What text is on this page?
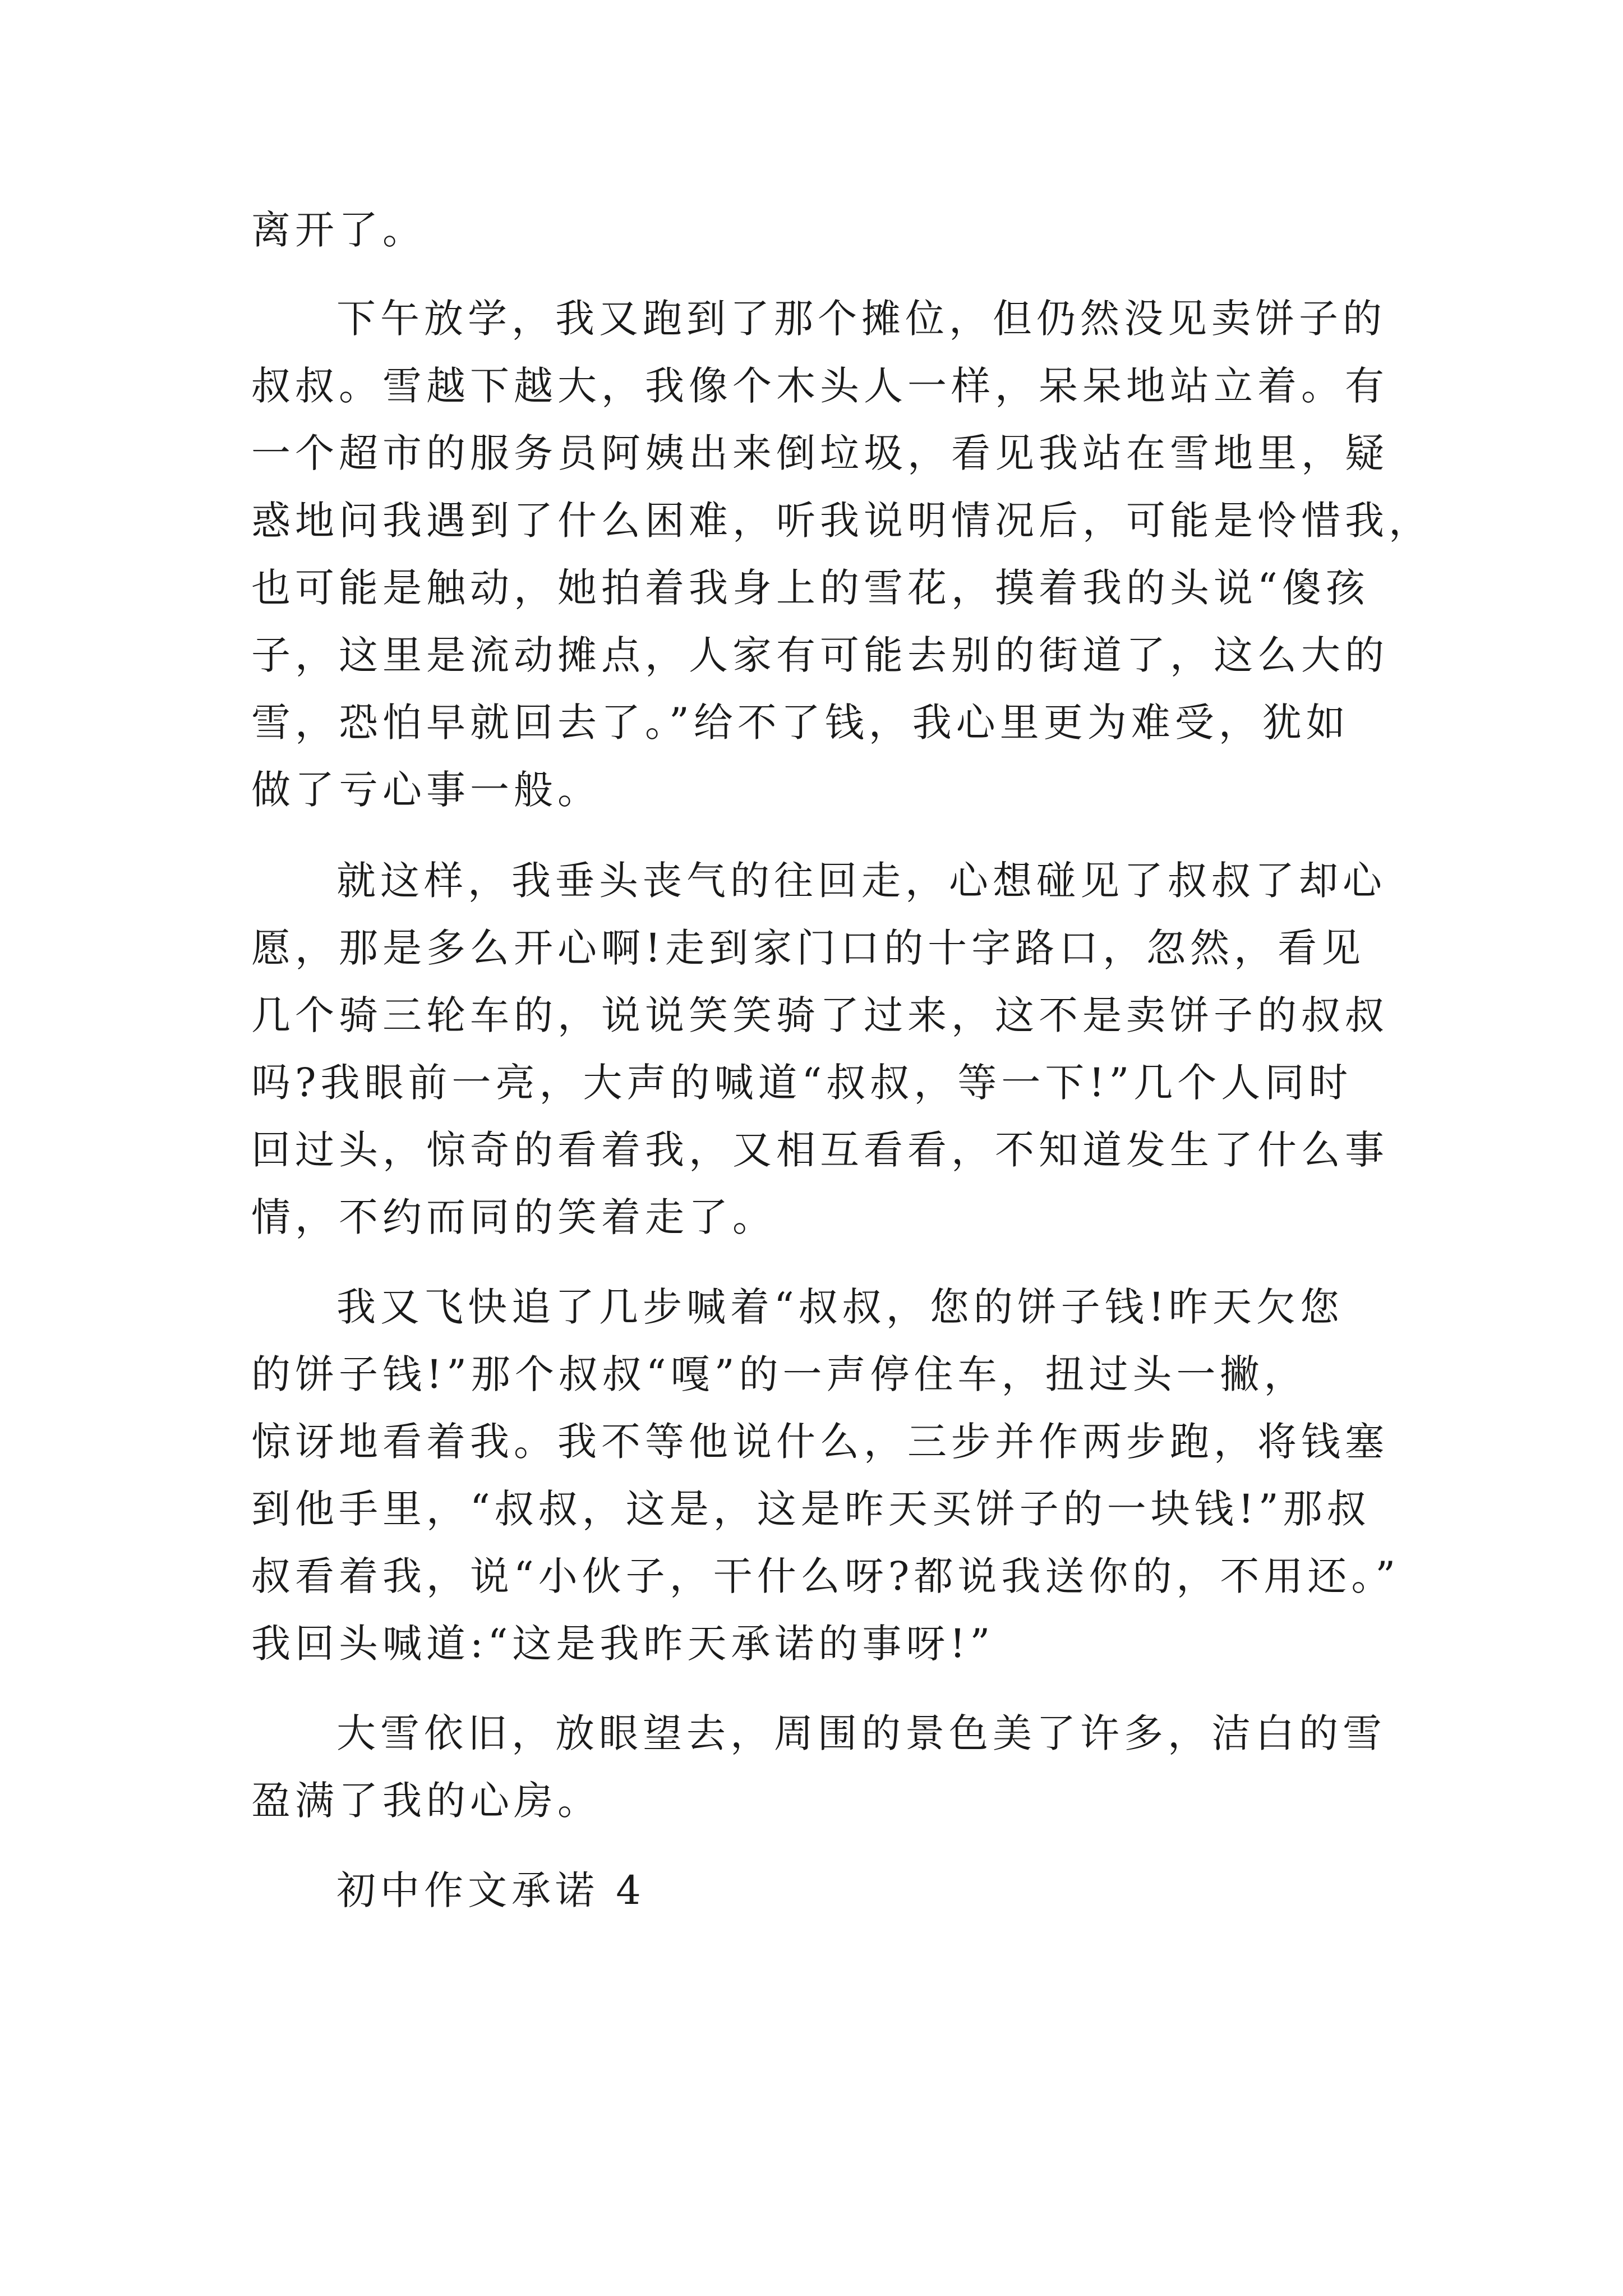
离开了。
下午放学，我又跑到了那个摊位，但仍然没见卖饼子的
叔叔。雪越下越大，我像个木头人一样，呆呆地站立着。有
一个超市的服务员阿姨出来倒垃圾，看见我站在雪地里，疑
惑地问我遇到了什么困难，听我说明情况后，可能是怜惜我，
也可能是触动，她拍着我身上的雪花，摸着我的头说“傻孩
子，这里是流动摊点，人家有可能去别的街道了，这么大的
雪，恐怕早就回去了。”给不了钱，我心里更为难受，犹如
做了亏心事一般。
就这样，我垂头丧气的往回走，心想碰见了叔叔了却心
愿，那是多么开心啊!走到家门口的十字路口，忽然，看见
几个骑三轮车的，说说笑笑骑了过来，这不是卖饼子的叔叔
吗?我眼前一亮，大声的喊道“叔叔，等一下!”几个人同时
回过头，惊奇的看着我，又相互看看，不知道发生了什么事
情，不约而同的笑着走了。
我又飞快追了几步喊着“叔叔，您的饼子钱!昨天欠您
的饼子钱!”那个叔叔“嘎”的一声停住车，扭过头一撇，
惊讶地看着我。我不等他说什么，三步并作两步跑，将钱塞
到他手里，“叔叔，这是，这是昨天买饼子的一块钱!”那叔
叔看着我，说“小伙子，干什么呀?都说我送你的，不用还。”
我回头喊道:“这是我昨天承诺的事呀!”
大雪依旧，放眼望去，周围的景色美了许多，洁白的雪
盈满了我的心房。
初中作文承诺 4
